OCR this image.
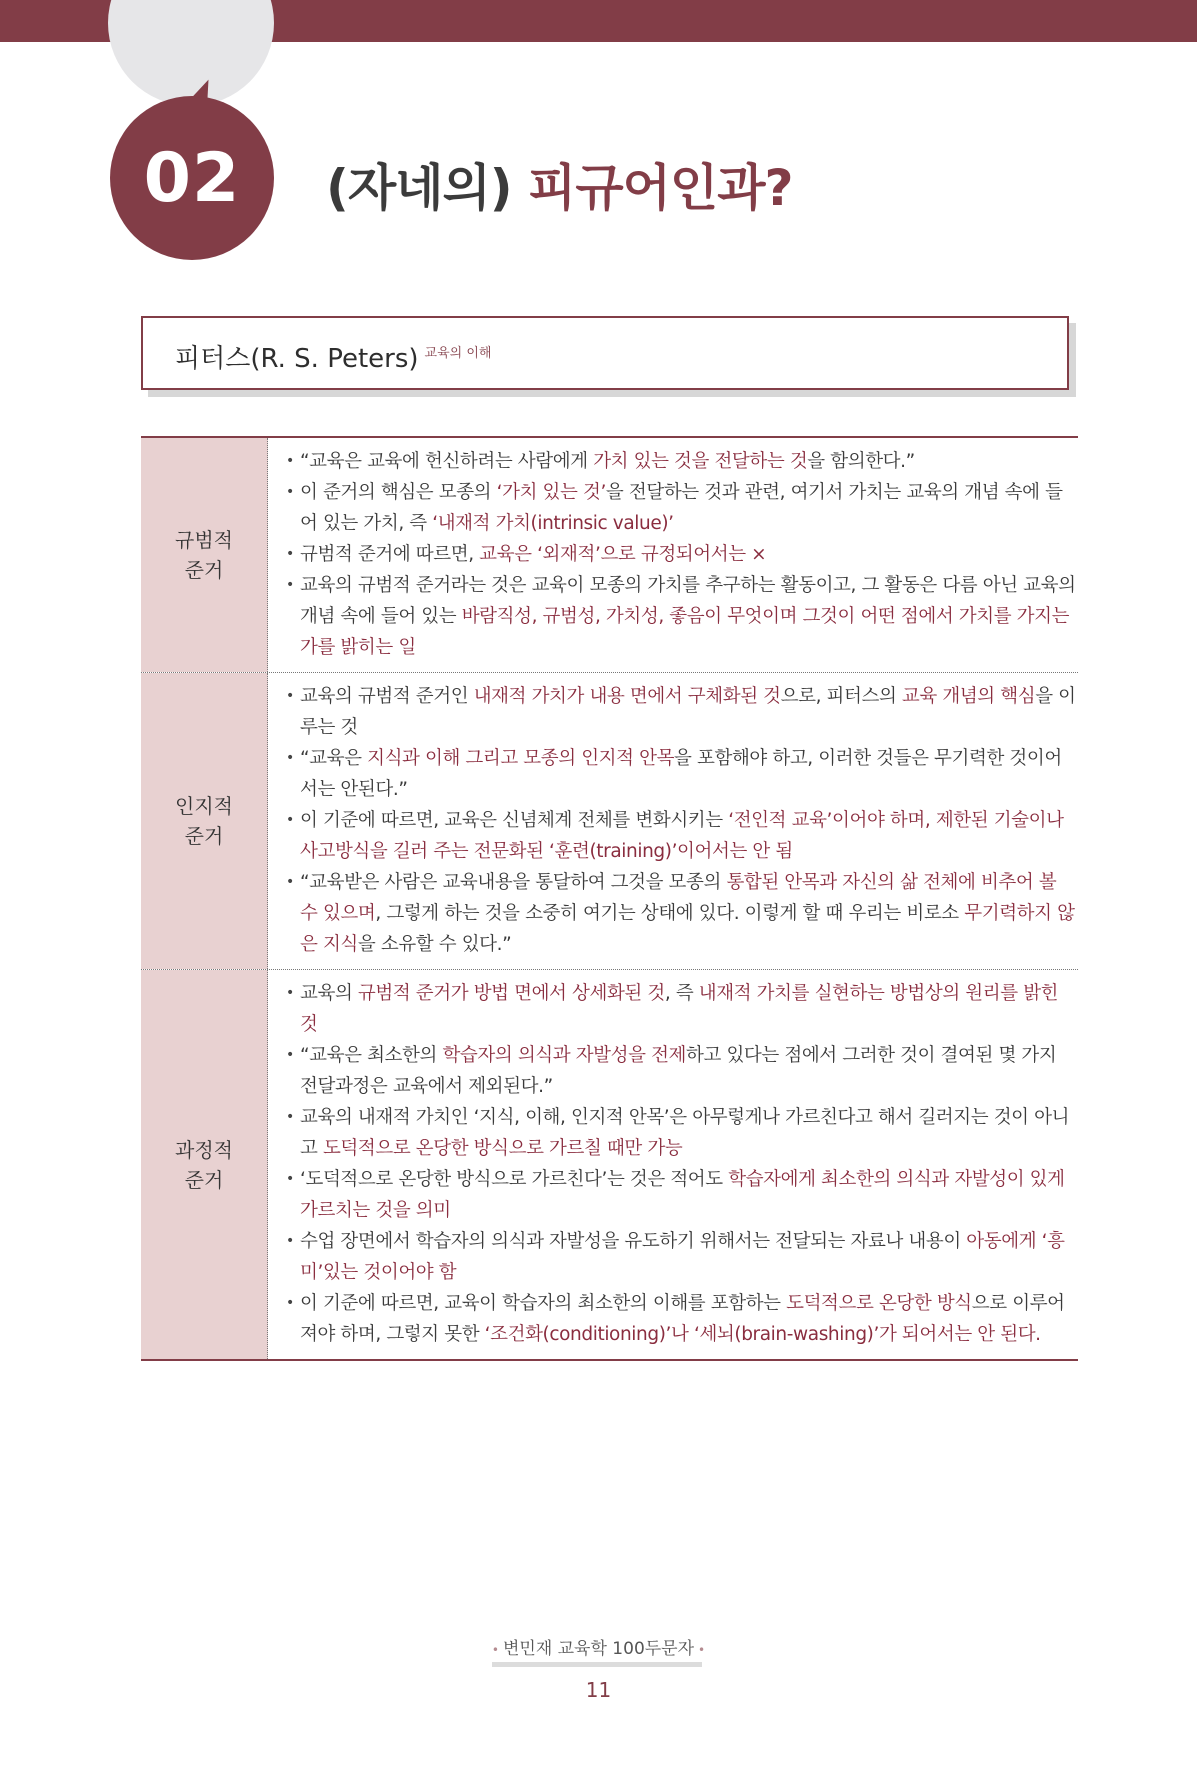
02	(자네의) 피규어인과?
피터스(R. S. Peters) $^{교육의 이해}$
규범적
준거
• “교육은 교육에 헌신하려는 사람에게 가치 있는 것을 전달하는 것을 함의한다.”
• 이 준거의 핵심은 모종의 ‘가치 있는 것’을 전달하는 것과 관련, 여기서 가치는 교육의 개념 속에 들어 있는 가치, 즉 ‘내재적 가치(intrinsic value)’
• 규범적 준거에 따르면, 교육은 ‘외재적’으로 규정되어서는 ×
• 교육의 규범적 준거라는 것은 교육이 모종의 가치를 추구하는 활동이고, 그 활동은 다름 아닌 교육의 개념 속에 들어 있는 바람직성, 규범성, 가치성, 좋음이 무엇이며 그것이 어떤 점에서 가치를 가지는가를 밝히는 일
인지적
준거
• 교육의 규범적 준거인 내재적 가치가 내용 면에서 구체화된 것으로, 피터스의 교육 개념의 핵심을 이루는 것
• “교육은 지식과 이해 그리고 모종의 인지적 안목을 포함해야 하고, 이러한 것들은 무기력한 것이어서는 안된다.”
• 이 기준에 따르면, 교육은 신념체계 전체를 변화시키는 ‘전인적 교육’이어야 하며, 제한된 기술이나 사고방식을 길러 주는 전문화된 ‘훈련(training)’이어서는 안 됨
• “교육받은 사람은 교육내용을 통달하여 그것을 모종의 통합된 안목과 자신의 삶 전체에 비추어 볼 수 있으며, 그렇게 하는 것을 소중히 여기는 상태에 있다. 이렇게 할 때 우리는 비로소 무기력하지 않은 지식을 소유할 수 있다.”
과정적
준거
• 교육의 규범적 준거가 방법 면에서 상세화된 것, 즉 내재적 가치를 실현하는 방법상의 원리를 밝힌 것
• “교육은 최소한의 학습자의 의식과 자발성을 전제하고 있다는 점에서 그러한 것이 결여된 몇 가지 전달과정은 교육에서 제외된다.”
• 교육의 내재적 가치인 ‘지식, 이해, 인지적 안목’은 아무렇게나 가르친다고 해서 길러지는 것이 아니고 도덕적으로 온당한 방식으로 가르칠 때만 가능
• ‘도덕적으로 온당한 방식으로 가르친다’는 것은 적어도 학습자에게 최소한의 의식과 자발성이 있게 가르치는 것을 의미
• 수업 장면에서 학습자의 의식과 자발성을 유도하기 위해서는 전달되는 자료나 내용이 아동에게 ‘흥미’있는 것이어야 함
• 이 기준에 따르면, 교육이 학습자의 최소한의 이해를 포함하는 도덕적으로 온당한 방식으로 이루어져야 하며, 그렇지 못한 ‘조건화(conditioning)’나 ‘세뇌(brain-washing)’가 되어서는 안 된다.
• 변민재 교육학 100두문자 •
11
